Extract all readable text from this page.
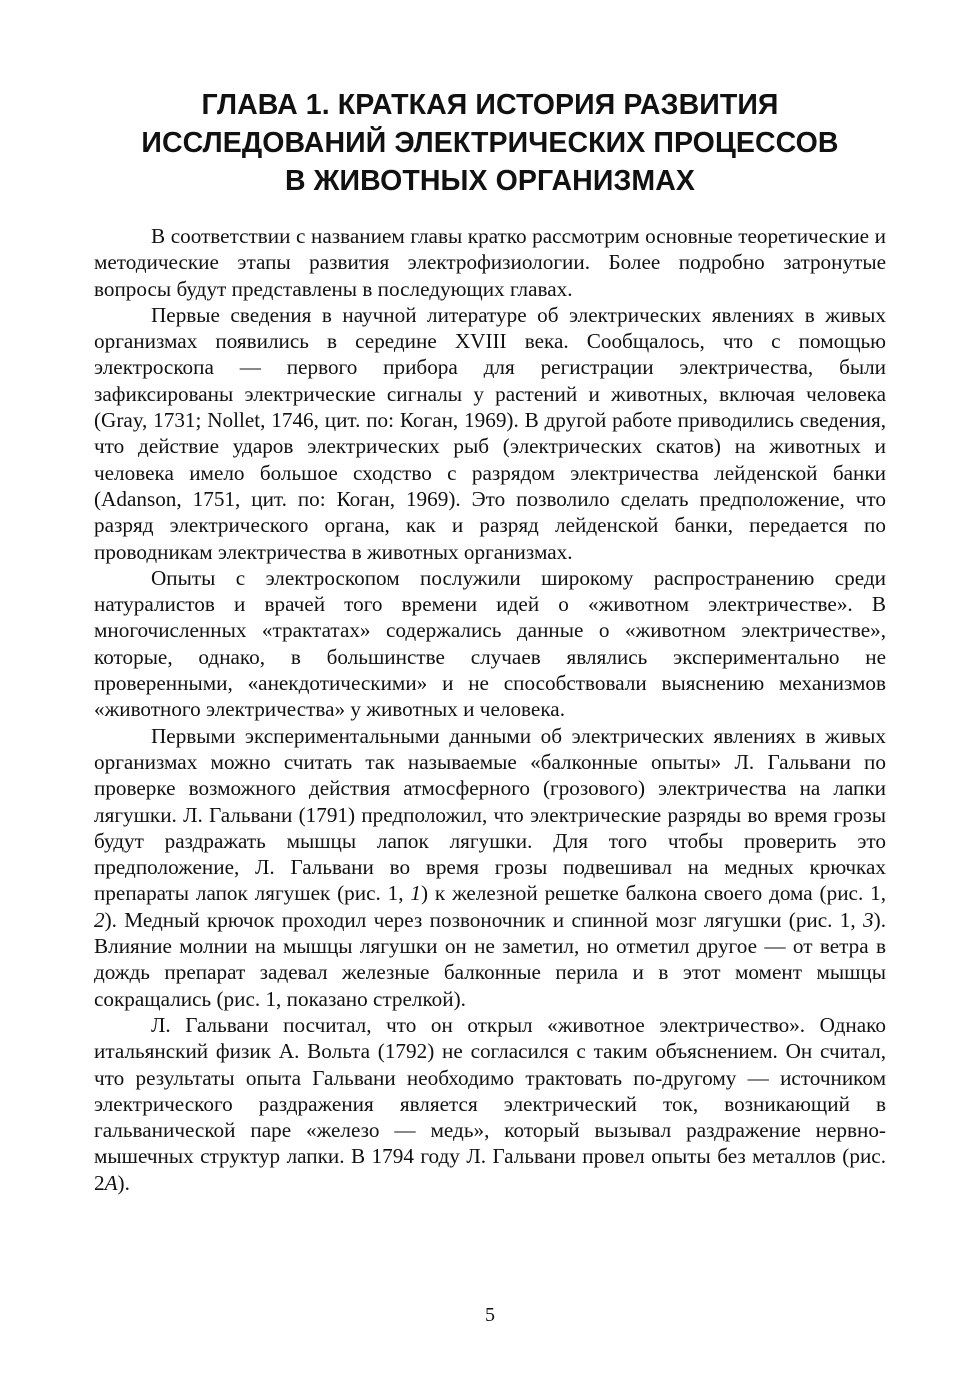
ГЛАВА 1. КРАТКАЯ ИСТОРИЯ РАЗВИТИЯ
ИССЛЕДОВАНИЙ ЭЛЕКТРИЧЕСКИХ ПРОЦЕССОВ
В ЖИВОТНЫХ ОРГАНИЗМАХ

В соответствии с названием главы кратко рассмотрим основные теоретические и методические этапы развития электрофизиологии. Более подробно затронутые вопросы будут представлены в последующих главах.

Первые сведения в научной литературе об электрических явлениях в живых организмах появились в середине XVIII века. Сообщалось, что с помощью электроскопа — первого прибора для регистрации электричества, были зафиксированы электрические сигналы у растений и животных, включая человека (Gray, 1731; Nollet, 1746, цит. по: Коган, 1969). В другой работе приводились сведения, что действие ударов электрических рыб (электрических скатов) на животных и человека имело большое сходство с разрядом электричества лейденской банки (Adanson, 1751, цит. по: Коган, 1969). Это позволило сделать предположение, что разряд электрического органа, как и разряд лейденской банки, передается по проводникам электричества в животных организмах.

Опыты с электроскопом послужили широкому распространению среди натуралистов и врачей того времени идей о «животном электричестве». В многочисленных «трактатах» содержались данные о «животном электричестве», которые, однако, в большинстве случаев являлись экспериментально не проверенными, «анекдотическими» и не способствовали выяснению механизмов «животного электричества» у животных и человека.

Первыми экспериментальными данными об электрических явлениях в живых организмах можно считать так называемые «балконные опыты» Л. Гальвани по проверке возможного действия атмосферного (грозового) электричества на лапки лягушки. Л. Гальвани (1791) предположил, что электрические разряды во время грозы будут раздражать мышцы лапок лягушки. Для того чтобы проверить это предположение, Л. Гальвани во время грозы подвешивал на медных крючках препараты лапок лягушек (рис. 1, 1) к железной решетке балкона своего дома (рис. 1, 2). Медный крючок проходил через позвоночник и спинной мозг лягушки (рис. 1, 3). Влияние молнии на мышцы лягушки он не заметил, но отметил другое — от ветра в дождь препарат задевал железные балконные перила и в этот момент мышцы сокращались (рис. 1, показано стрелкой).

Л. Гальвани посчитал, что он открыл «животное электричество». Однако итальянский физик А. Вольта (1792) не согласился с таким объяснением. Он считал, что результаты опыта Гальвани необходимо трактовать по-другому — источником электрического раздражения является электрический ток, возникающий в гальванической паре «железо — медь», который вызывал раздражение нервно-мышечных структур лапки. В 1794 году Л. Гальвани провел опыты без металлов (рис. 2А).

5
